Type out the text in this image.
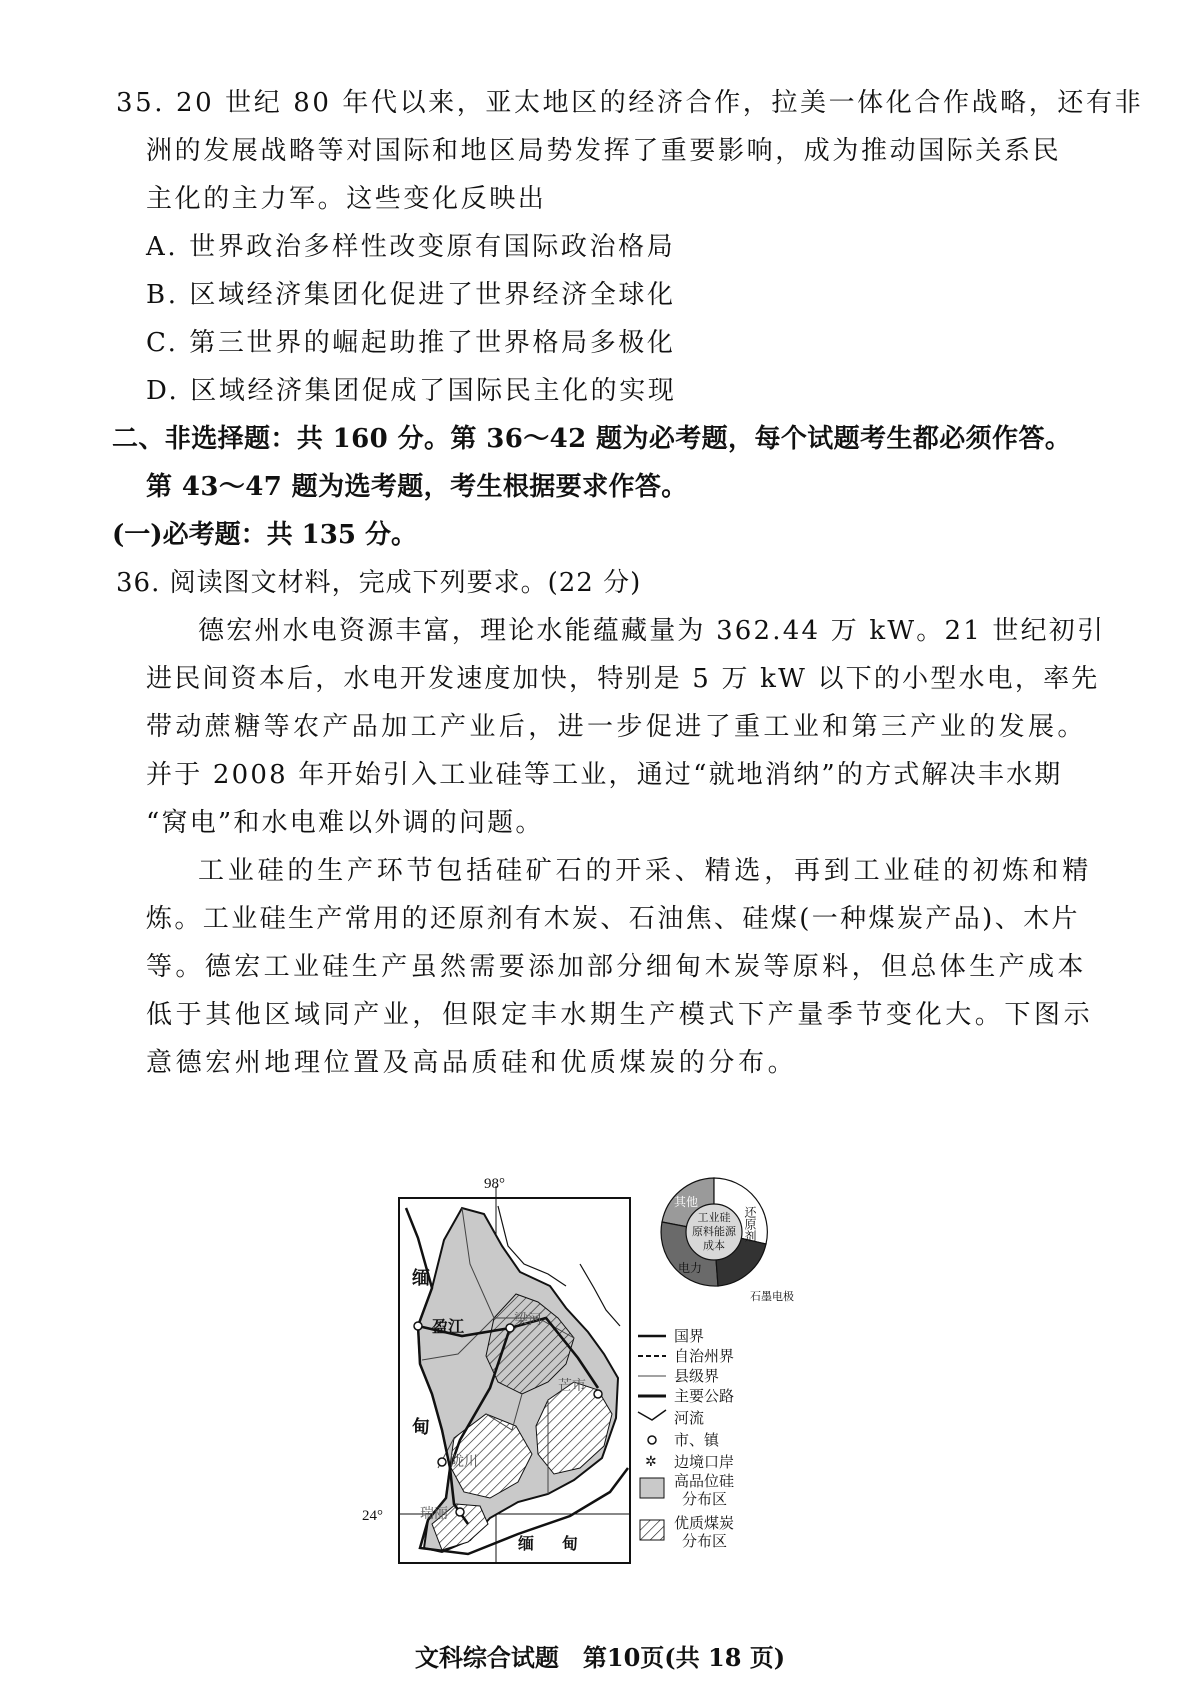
35. 20 世纪 80 年代以来，亚太地区的经济合作，拉美一体化合作战略，还有非
洲的发展战略等对国际和地区局势发挥了重要影响，成为推动国际关系民
主化的主力军。这些变化反映出
A. 世界政治多样性改变原有国际政治格局
B. 区域经济集团化促进了世界经济全球化
C. 第三世界的崛起助推了世界格局多极化
D. 区域经济集团促成了国际民主化的实现
二、非选择题：共 160 分。第 36～42 题为必考题，每个试题考生都必须作答。
第 43～47 题为选考题，考生根据要求作答。
(一)必考题：共 135 分。
36. 阅读图文材料，完成下列要求。(22 分)
德宏州水电资源丰富，理论水能蕴藏量为 362.44 万 kW。21 世纪初引
进民间资本后，水电开发速度加快，特别是 5 万 kW 以下的小型水电，率先
带动蔗糖等农产品加工产业后，进一步促进了重工业和第三产业的发展。
并于 2008 年开始引入工业硅等工业，通过“就地消纳”的方式解决丰水期
“窝电”和水电难以外调的问题。
工业硅的生产环节包括硅矿石的开采、精选，再到工业硅的初炼和精
炼。工业硅生产常用的还原剂有木炭、石油焦、硅煤(一种煤炭产品)、木片
等。德宏工业硅生产虽然需要添加部分细甸木炭等原料，但总体生产成本
低于其他区域同产业，但限定丰水期生产模式下产量季节变化大。下图示
意德宏州地理位置及高品质硅和优质煤炭的分布。
98°
24°
盈江	梁河
芒市
陇川
瑞丽
缅
甸
缅 甸
工业硅
原料能源
成本
其他
还原剂
电力
石墨电极
国界
自治州界
县级界
主要公路
河流
市、镇
✲ 边境口岸
高品位硅
分布区
优质煤炭
分布区
文科综合试题　第10页(共 18 页)
